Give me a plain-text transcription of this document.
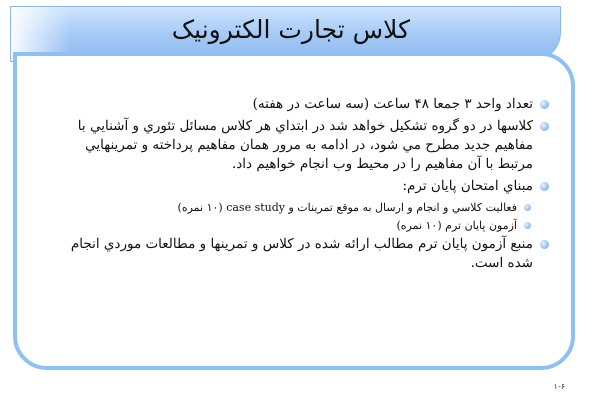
کلاس تجارت الکترونيک
تعداد واحد ۳ جمعا ۴۸ ساعت (سه ساعت در هفته)
کلاسها در دو گروه تشکيل خواهد شد در ابتداي هر کلاس مسائل تئوري و آشنايي با مفاهيم جديد مطرح مي شود، در ادامه به مرور همان مفاهيم پرداخته و تمرينهايي مرتبط با آن مفاهيم را در محيط وب انجام خواهيم داد.
مبناي امتحان پايان ترم:
فعاليت کلاسي و انجام و ارسال به موقع تمرينات و case study (۱۰ نمره)
آزمون پايان ترم (۱۰ نمره)
منبع آزمون پايان ترم مطالب ارائه شده در کلاس و تمرينها و مطالعات موردي انجام شده است.
۱-۶
